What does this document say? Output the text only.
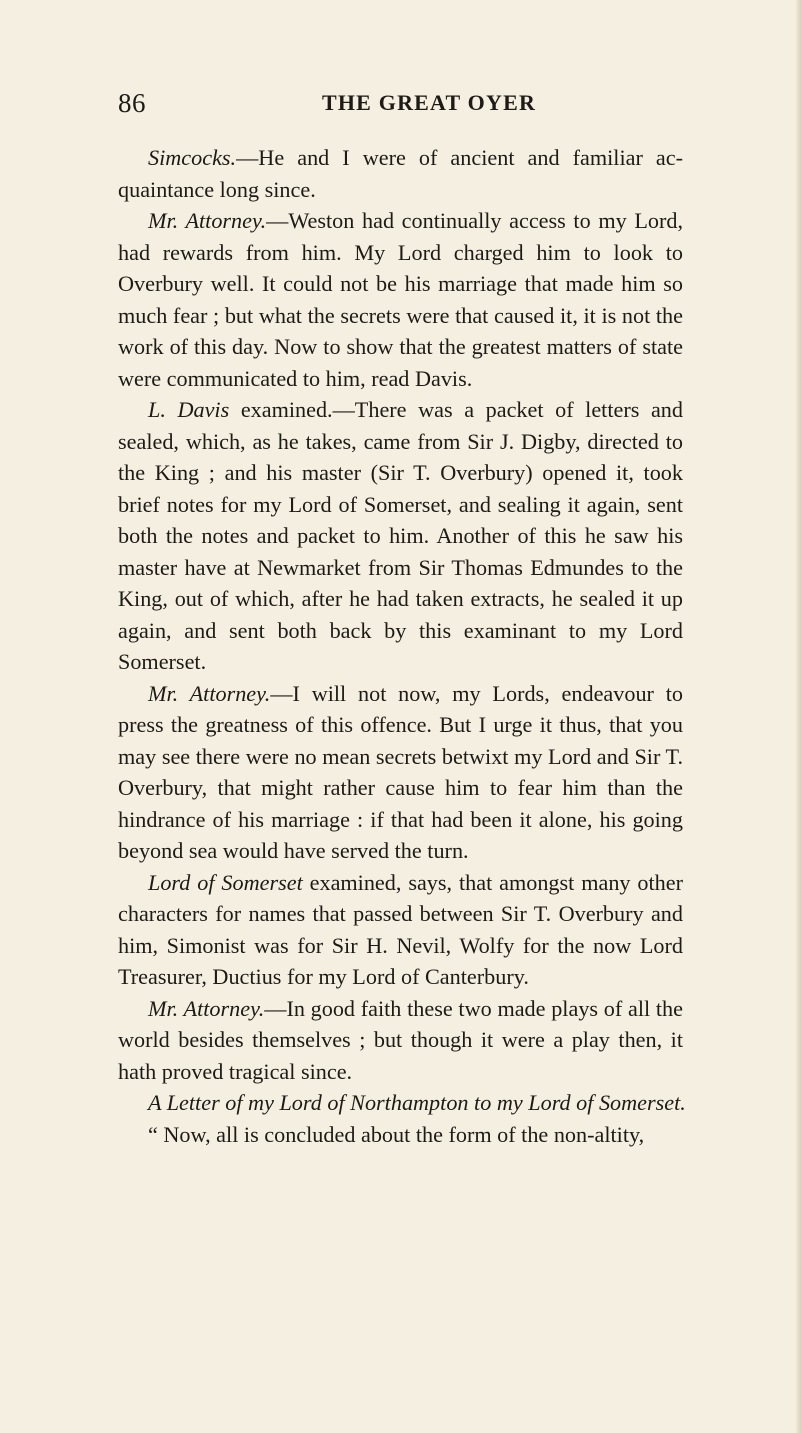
86	THE GREAT OYER

Simcocks.—He and I were of ancient and familiar acquaintance long since.

Mr. Attorney.—Weston had continually access to my Lord, had rewards from him. My Lord charged him to look to Overbury well. It could not be his marriage that made him so much fear ; but what the secrets were that caused it, it is not the work of this day. Now to show that the greatest matters of state were communicated to him, read Davis.

L. Davis examined.—There was a packet of letters and sealed, which, as he takes, came from Sir J. Digby, directed to the King ; and his master (Sir T. Overbury) opened it, took brief notes for my Lord of Somerset, and sealing it again, sent both the notes and packet to him. Another of this he saw his master have at Newmarket from Sir Thomas Edmundes to the King, out of which, after he had taken extracts, he sealed it up again, and sent both back by this examinant to my Lord Somerset.

Mr. Attorney.—I will not now, my Lords, endeavour to press the greatness of this offence. But I urge it thus, that you may see there were no mean secrets betwixt my Lord and Sir T. Overbury, that might rather cause him to fear him than the hindrance of his marriage : if that had been it alone, his going beyond sea would have served the turn.

Lord of Somerset examined, says, that amongst many other characters for names that passed between Sir T. Overbury and him, Simonist was for Sir H. Nevil, Wolfy for the now Lord Treasurer, Ductius for my Lord of Canterbury.

Mr. Attorney.—In good faith these two made plays of all the world besides themselves ; but though it were a play then, it hath proved tragical since.

A Letter of my Lord of Northampton to my Lord of Somerset.

“ Now, all is concluded about the form of the non-altity,
